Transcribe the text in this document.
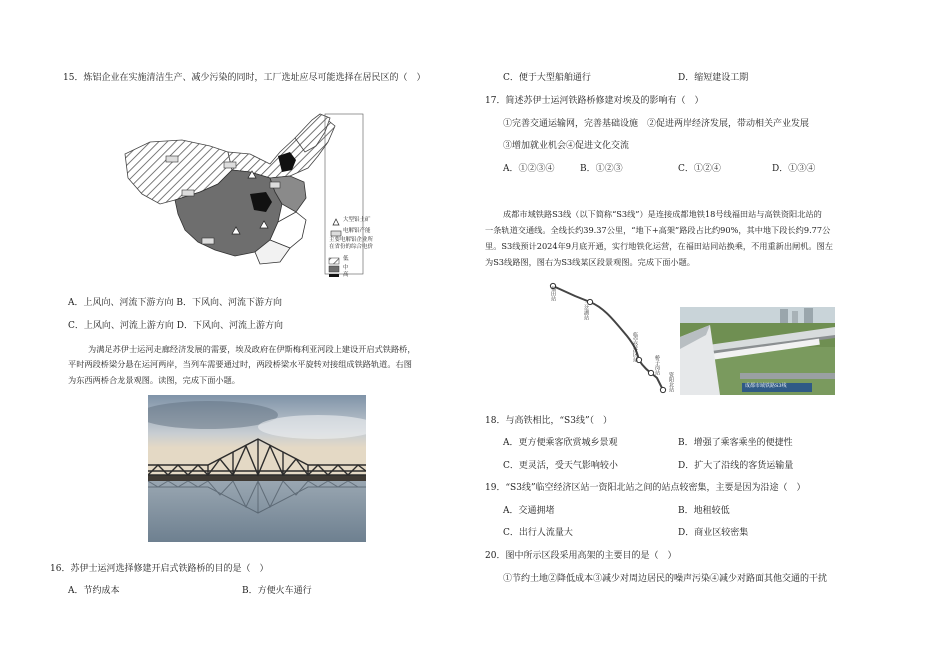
15．炼铝企业在实施清洁生产、减少污染的同时，工厂选址应尽可能选择在居民区的（　）
大型铝土矿
电解铝产能
主要电解铝企业所
在省份的综合电价
低
中
高
A．上风向、河流下游方向 B．下风向、河流下游方向
C．上风向、河流上游方向 D．下风向、河流上游方向
为满足苏伊士运河走廊经济发展的需要，埃及政府在伊斯梅利亚河段上建设开启式铁路桥，
平时两段桥梁分悬在运河两岸，当列车需要通过时，两段桥梁水平旋转对接组成铁路轨道。右图
为东西两桥合龙景观图。读图，完成下面小题。
16．苏伊士运河选择修建开启式铁路桥的目的是（　）
A．节约成本	B．方便火车通行
C．便于大型船舶通行	D．缩短建设工期
17．简述苏伊士运河铁路桥修建对埃及的影响有（　）
①完善交通运输网，完善基础设施　②促进两岸经济发展，带动相关产业发展
③增加就业机会④促进文化交流
A．①②③④	B．①②③	C．①②④	D．①③④
成都市域铁路S3线（以下简称“S3线”）是连接成都地铁18号线福田站与高铁资阳北站的
一条轨道交通线。全线长约39.37公里，“地下+高架”路段占比约90%，其中地下段长约9.77公
里。S3线预计2024年9月底开通，实行地铁化运营，在福田站同站换乘，不用重新出闸机。图左
为S3线路图，图右为S3线某区段景观图。完成下面小题。
福田站
三岔湖站
临空经济区站
桥子岗站
资阳北站	成都市域铁路S3线
18．与高铁相比，“S3线”（　）
A．更方便乘客欣赏城乡景观	B．增强了乘客乘坐的便捷性
C．更灵活，受天气影响较小	D．扩大了沿线的客货运输量
19．“S3线”临空经济区站一资阳北站之间的站点较密集，主要是因为沿途（　）
A．交通拥堵	B．地租较低
C．出行人流量大	D．商业区较密集
20．图中所示区段采用高架的主要目的是（　）
①节约土地②降低成本③减少对周边居民的噪声污染④减少对路面其他交通的干扰
